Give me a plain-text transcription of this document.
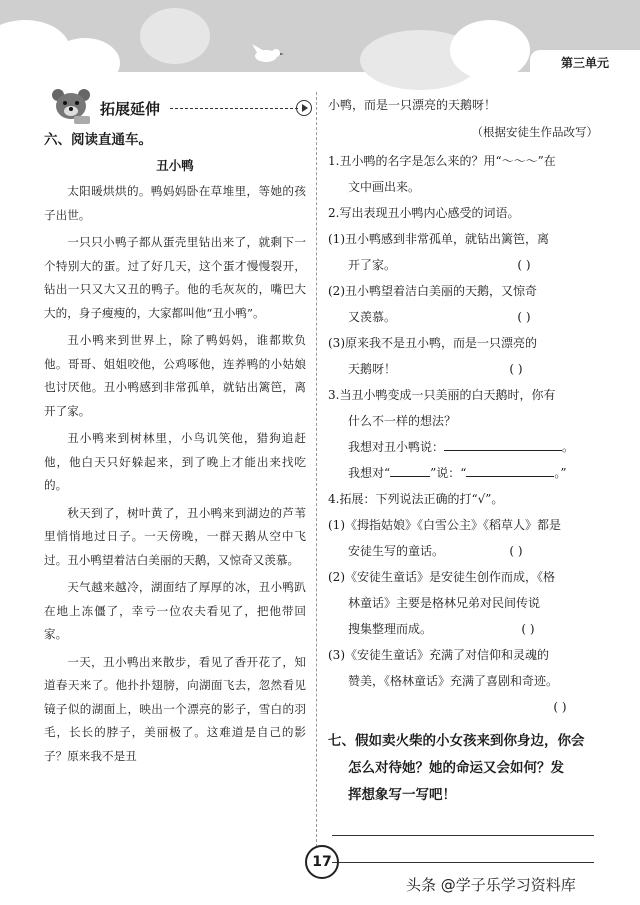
第三单元
拓展延伸
六、阅读直通车。
丑小鸭

太阳暖烘烘的。鸭妈妈卧在草堆里，等她的孩子出世。

一只只小鸭子都从蛋壳里钻出来了，就剩下一个特别大的蛋。过了好几天，这个蛋才慢慢裂开，钻出一只又大又丑的鸭子。他的毛灰灰的，嘴巴大大的，身子瘦瘦的，大家都叫他“丑小鸭”。

丑小鸭来到世界上，除了鸭妈妈，谁都欺负他。哥哥、姐姐咬他，公鸡啄他，连养鸭的小姑娘也讨厌他。丑小鸭感到非常孤单，就钻出篱笆，离开了家。

丑小鸭来到树林里，小鸟讥笑他，猎狗追赶他，他白天只好躲起来，到了晚上才能出来找吃的。

秋天到了，树叶黄了，丑小鸭来到湖边的芦苇里悄悄地过日子。一天傍晚，一群天鹅从空中飞过。丑小鸭望着洁白美丽的天鹅，又惊奇又羡慕。

天气越来越冷，湖面结了厚厚的冰，丑小鸭趴在地上冻僵了，幸亏一位农夫看见了，把他带回家。

一天，丑小鸭出来散步，看见了香开花了，知道春天来了。他扑扑翅膀，向湖面飞去，忽然看见镜子似的湖面上，映出一个漂亮的影子，雪白的羽毛，长长的脖子，美丽极了。这难道是自己的影子？原来我不是丑

小鸭，而是一只漂亮的天鹅呀！

（根据安徒生作品改写）

1.丑小鸭的名字是怎么来的？用“〜〜〜”在

文中画出来。

2.写出表现丑小鸭内心感受的词语。

(1)丑小鸭感到非常孤单，就钻出篱笆，离

开了家。	( )

(2)丑小鸭望着洁白美丽的天鹅，又惊奇

又羡慕。	( )

(3)原来我不是丑小鸭，而是一只漂亮的

天鹅呀！	( )

3.当丑小鸭变成一只美丽的白天鹅时，你有

什么不一样的想法？

我想对丑小鸭说：	。

我想对“	”说：“	。”

4.拓展：下列说法正确的打“√”。

(1)《拇指姑娘》《白雪公主》《稻草人》都是

安徒生写的童话。	( )

(2)《安徒生童话》是安徒生创作而成，《格

林童话》主要是格林兄弟对民间传说

搜集整理而成。	( )

(3)《安徒生童话》充满了对信仰和灵魂的

赞美，《格林童话》充满了喜剧和奇迹。

( )

七、假如卖火柴的小女孩来到你身边，你会
怎么对待她？她的命运又会如何？发
挥想象写一写吧！
17
头条 @学子乐学习资料库
